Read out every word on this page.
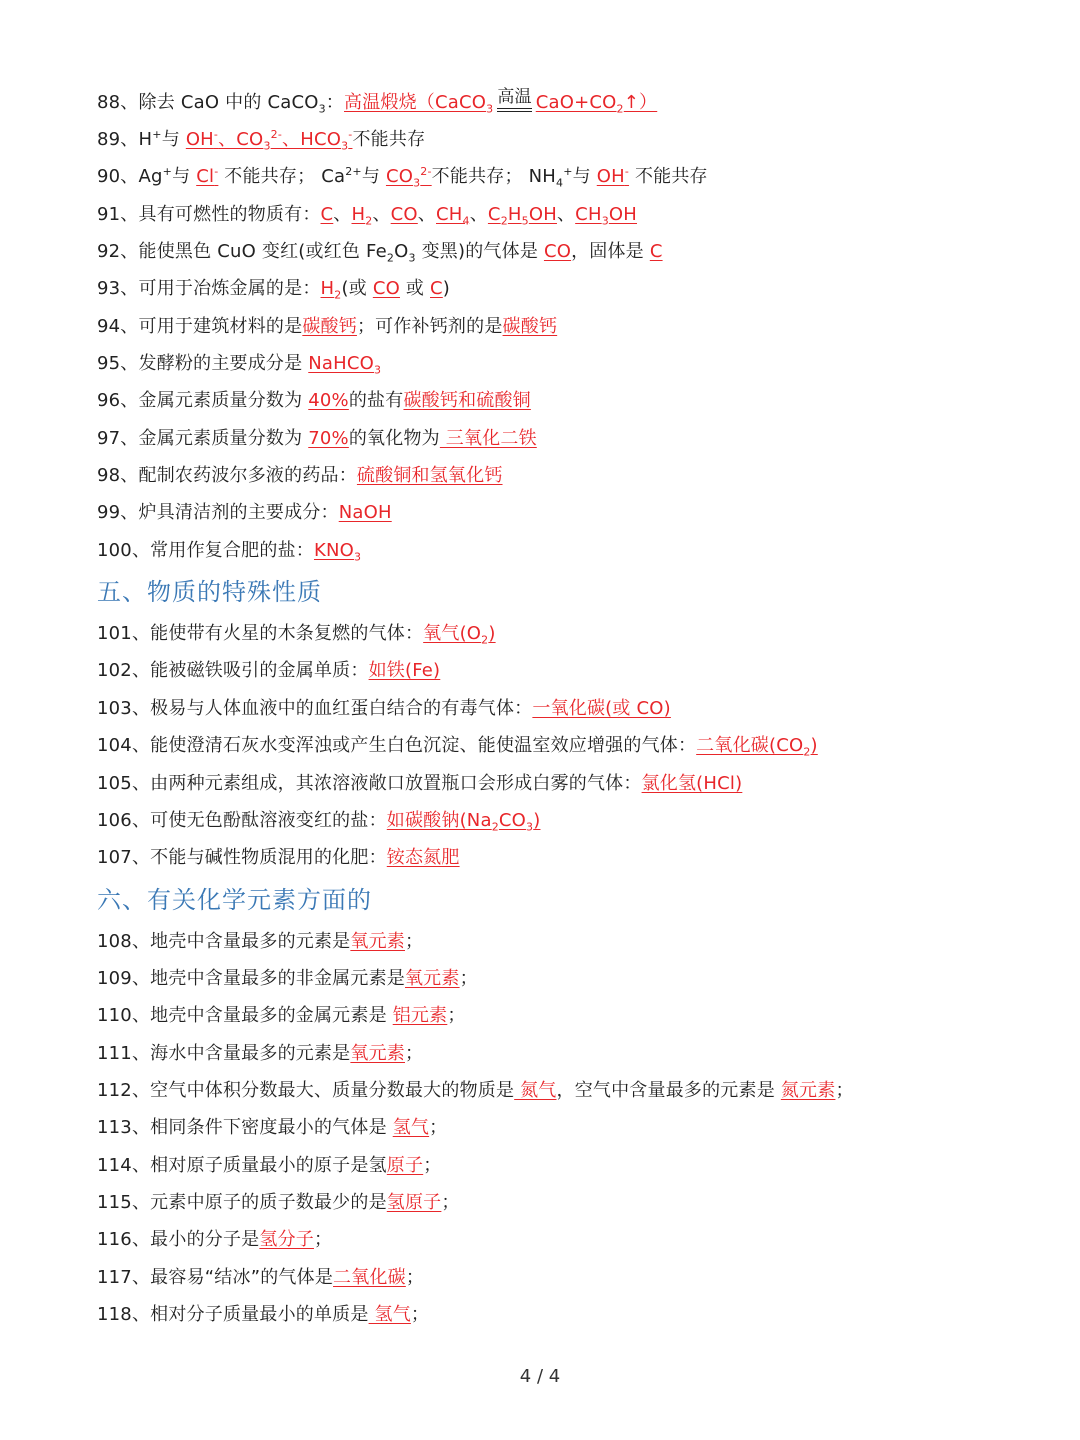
88、除去 CaO 中的 CaCO$_3$：高温煅烧（CaCO$_3$高温 $CaO+CO_2↑$）
89、H+与 OH-、$CO_3^{2-}$、$HCO_3^-$不能共存
90、Ag+与 Cl- 不能共存； $Ca^{2+}$与 $CO_3^{2-}$不能共存； $NH_4^+$与 OH- 不能共存
91、具有可燃性的物质有：C、$H_2$、CO、$CH_4$、$C_2H_5OH$、$CH_3OH$
92、能使黑色 CuO 变红(或红色 $Fe_2O_3$ 变黑)的气体是 CO，固体是 C
93、可用于冶炼金属的是：$H_2$(或 CO 或 C)
94、可用于建筑材料的是碳酸钙；可作补钙剂的是碳酸钙
95、发酵粉的主要成分是 NaHCO$_3$
96、金属元素质量分数为 40%的盐有碳酸钙和硫酸铜
97、金属元素质量分数为 70%的氧化物为 三氧化二铁
98、配制农药波尔多液的药品：硫酸铜和氢氧化钙
99、炉具清洁剂的主要成分：NaOH
100、常用作复合肥的盐：$KNO_3$
五、物质的特殊性质
101、能使带有火星的木条复燃的气体：氧气$(O_2)$
102、能被磁铁吸引的金属单质：如铁(Fe)
103、极易与人体血液中的血红蛋白结合的有毒气体：一氧化碳(或 CO)
104、能使澄清石灰水变浑浊或产生白色沉淀、能使温室效应增强的气体：二氧化碳$(CO_2)$
105、由两种元素组成，其浓溶液敞口放置瓶口会形成白雾的气体：氯化氢(HCl)
106、可使无色酚酞溶液变红的盐：如碳酸钠$(Na_2CO_3)$
107、不能与碱性物质混用的化肥：铵态氮肥
六、有关化学元素方面的
108、地壳中含量最多的元素是氧元素；
109、地壳中含量最多的非金属元素是氧元素；
110、地壳中含量最多的金属元素是 铝元素；
111、海水中含量最多的元素是氧元素；
112、空气中体积分数最大、质量分数最大的物质是 氮气，空气中含量最多的元素是 氮元素；
113、相同条件下密度最小的气体是 氢气；
114、相对原子质量最小的原子是氢原子；
115、元素中原子的质子数最少的是氢原子；
116、最小的分子是氢分子；
117、最容易“结冰”的气体是二氧化碳；
118、相对分子质量最小的单质是 氢气；
4 / 4
